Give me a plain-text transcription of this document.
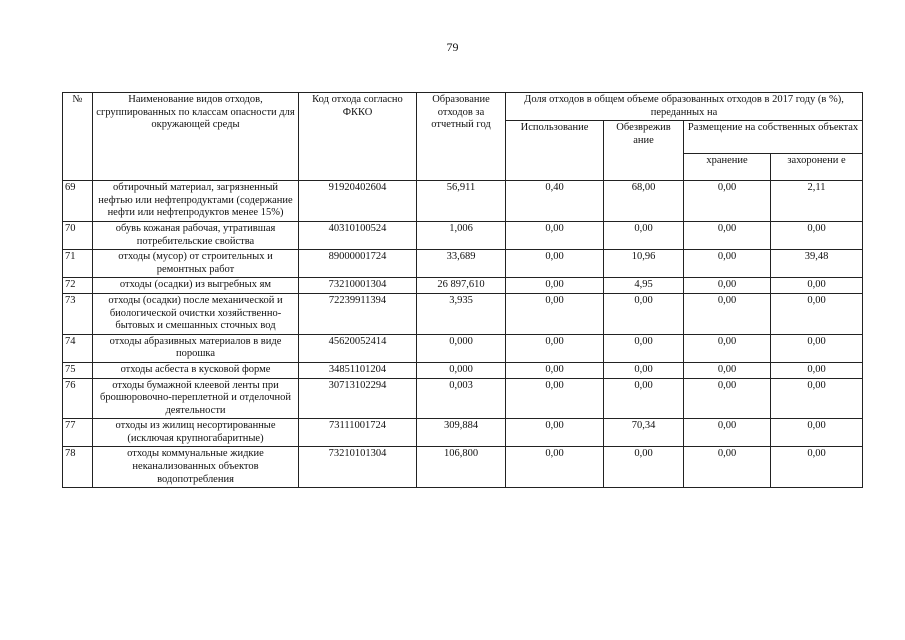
79
№	Наименование видов отходов, сгруппированных по классам опасности для окружающей среды	Код отхода согласно ФККО	Образование отходов за отчетный год	Доля отходов в общем объеме образованных отходов в 2017 году (в %), переданных на			
				Использование	Обезврежив ание	Размещение на собственных объектах	
						хранение	захоронени е
69	обтирочный материал, загрязненный нефтью или нефтепродуктами (содержание нефти или нефтепродуктов менее 15%)	91920402604	56,911	0,40	68,00	0,00	2,11
70	обувь кожаная рабочая, утратившая потребительские свойства	40310100524	1,006	0,00	0,00	0,00	0,00
71	отходы (мусор) от строительных и ремонтных работ	89000001724	33,689	0,00	10,96	0,00	39,48
72	отходы (осадки) из выгребных ям	73210001304	26 897,610	0,00	4,95	0,00	0,00
73	отходы (осадки) после механической и биологической очистки хозяйственно-бытовых и смешанных сточных вод	72239911394	3,935	0,00	0,00	0,00	0,00
74	отходы абразивных материалов в виде порошка	45620052414	0,000	0,00	0,00	0,00	0,00
75	отходы асбеста в кусковой форме	34851101204	0,000	0,00	0,00	0,00	0,00
76	отходы бумажной клеевой ленты при брошюровочно-переплетной и отделочной деятельности	30713102294	0,003	0,00	0,00	0,00	0,00
77	отходы из жилищ несортированные (исключая крупногабаритные)	73111001724	309,884	0,00	70,34	0,00	0,00
78	отходы коммунальные жидкие неканализованных объектов водопотребления	73210101304	106,800	0,00	0,00	0,00	0,00
